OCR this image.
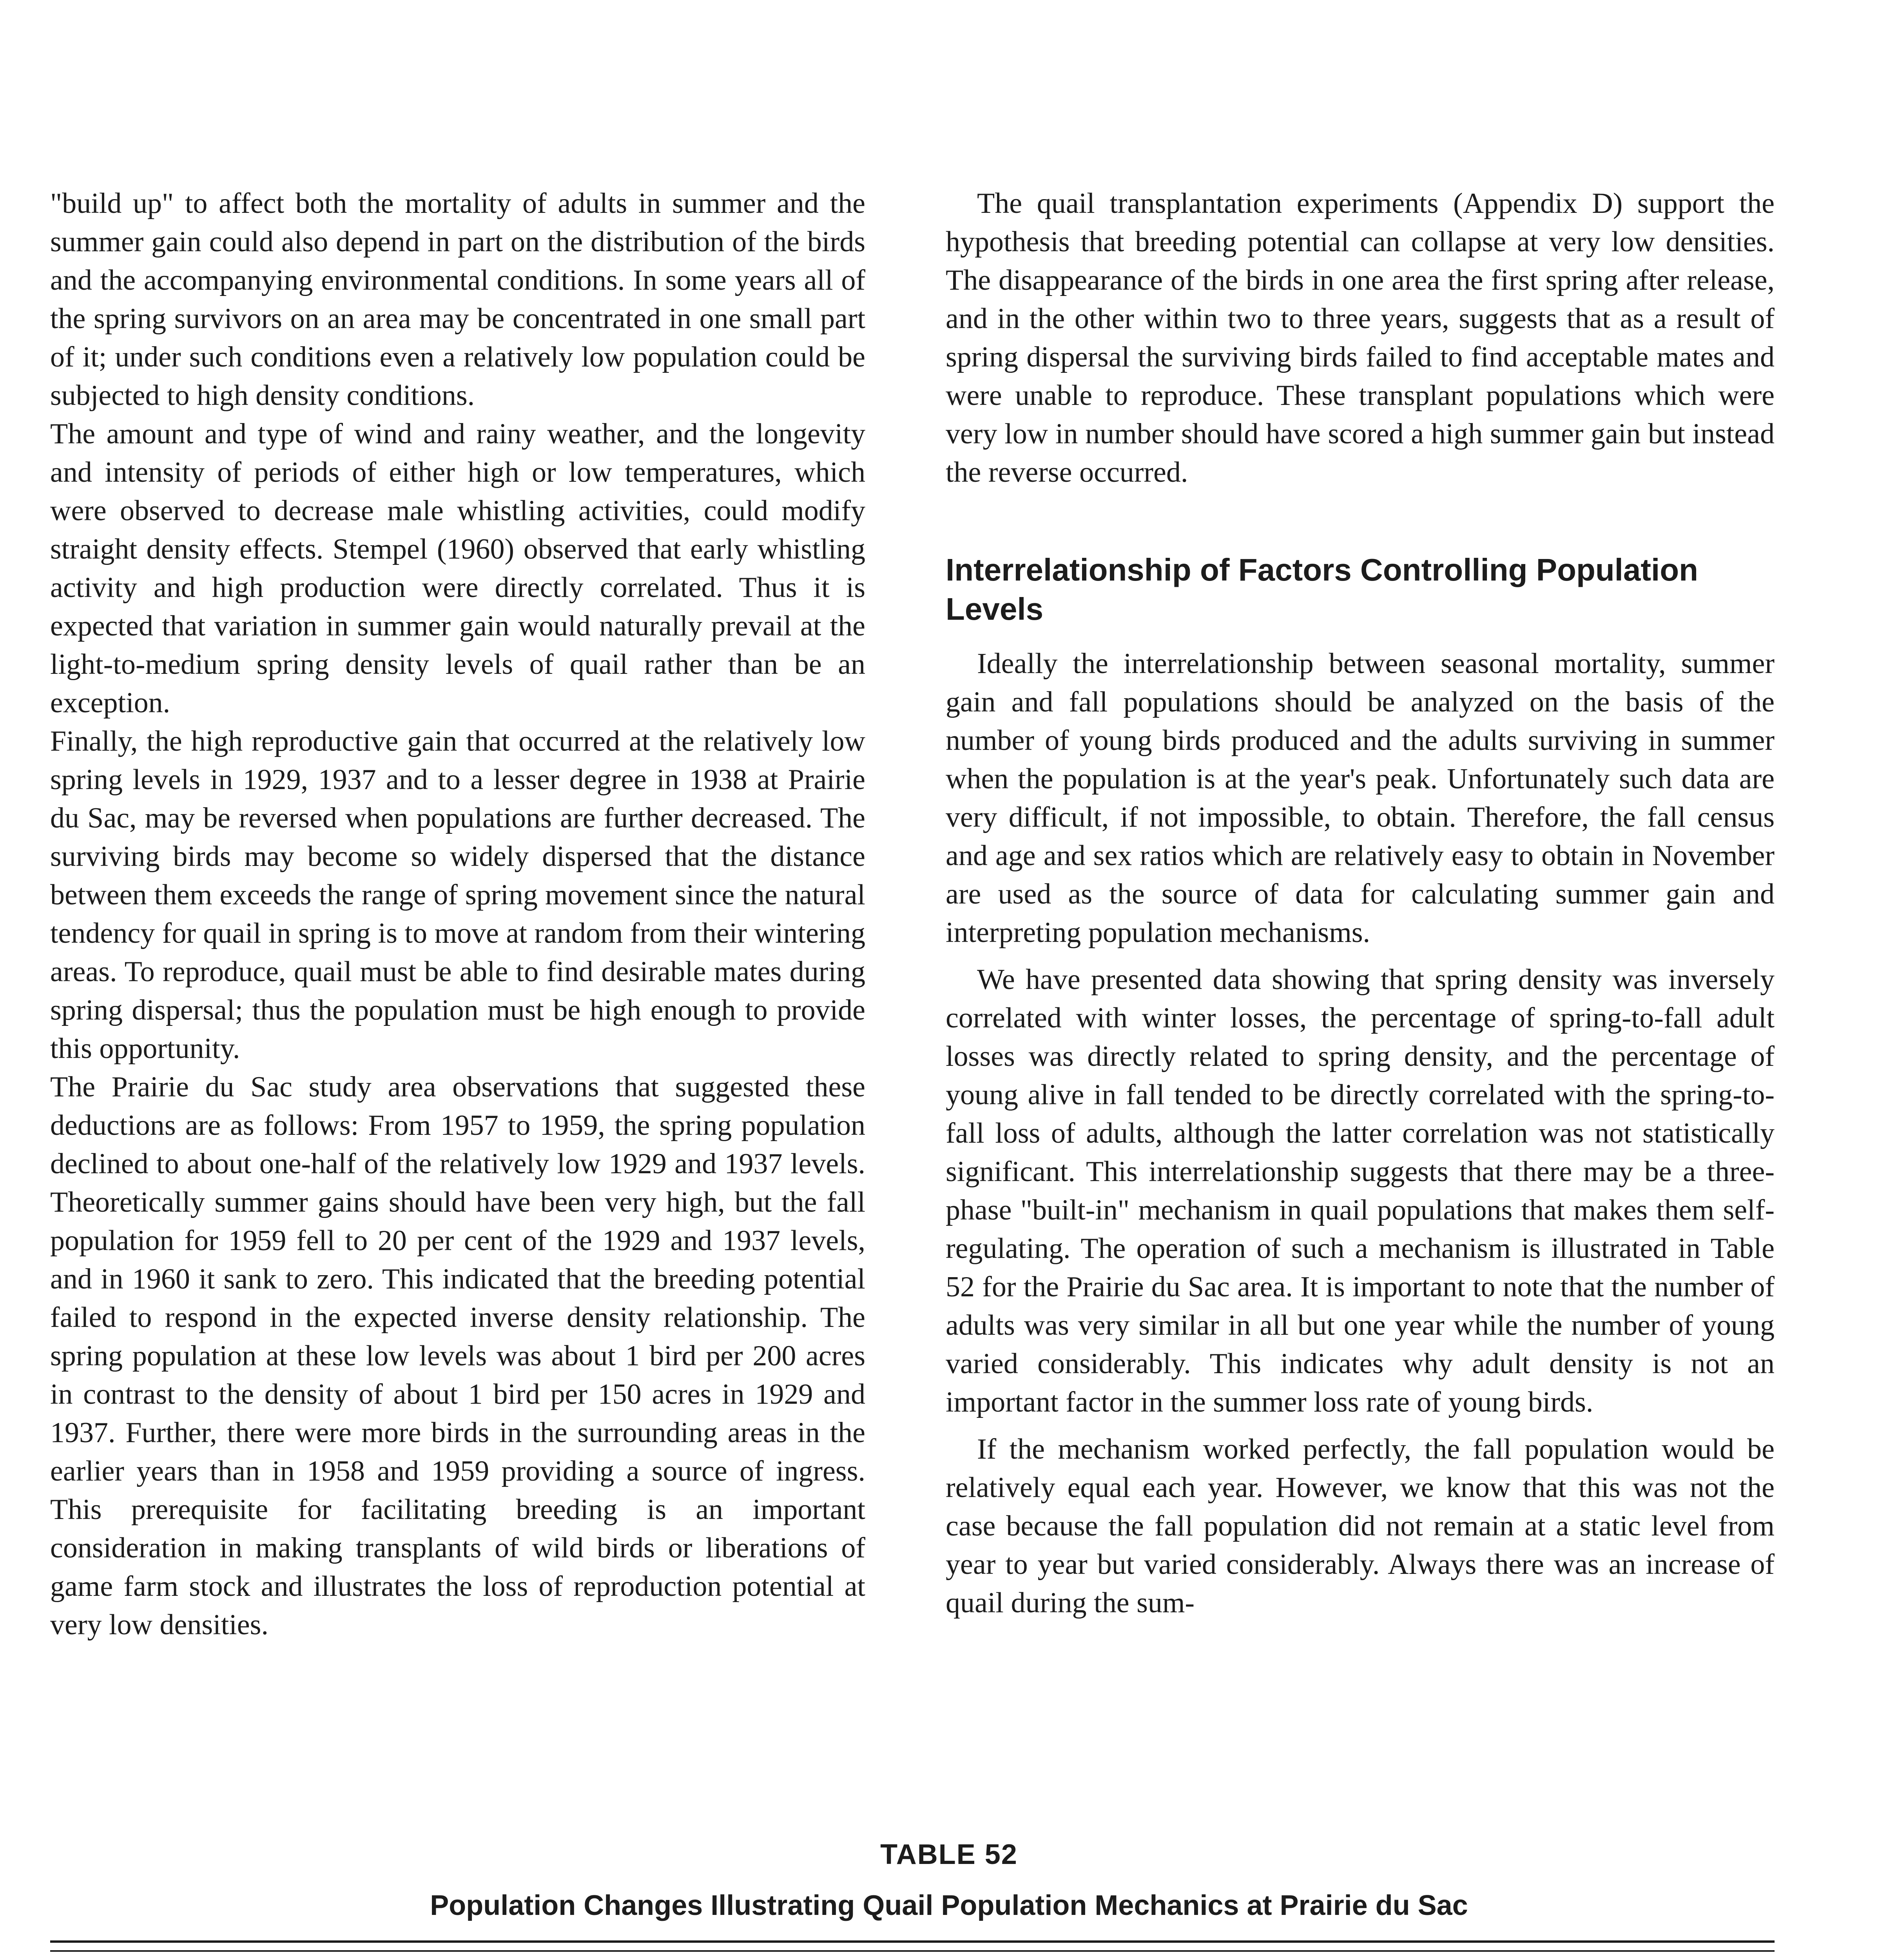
"build up" to affect both the mortality of adults in summer and the summer gain could also depend in part on the distribution of the birds and the accompanying environmental conditions. In some years all of the spring survivors on an area may be concentrated in one small part of it; under such conditions even a relatively low population could be subjected to high density conditions.

The amount and type of wind and rainy weather, and the longevity and intensity of periods of either high or low temperatures, which were observed to decrease male whistling activities, could modify straight density effects. Stempel (1960) observed that early whistling activity and high production were directly correlated. Thus it is expected that variation in summer gain would naturally prevail at the light-to-medium spring density levels of quail rather than be an exception.

Finally, the high reproductive gain that occurred at the relatively low spring levels in 1929, 1937 and to a lesser degree in 1938 at Prairie du Sac, may be reversed when populations are further decreased. The surviving birds may become so widely dispersed that the distance between them exceeds the range of spring movement since the natural tendency for quail in spring is to move at random from their wintering areas. To reproduce, quail must be able to find desirable mates during spring dispersal; thus the population must be high enough to provide this opportunity.

The Prairie du Sac study area observations that suggested these deductions are as follows: From 1957 to 1959, the spring population declined to about one-half of the relatively low 1929 and 1937 levels. Theoretically summer gains should have been very high, but the fall population for 1959 fell to 20 per cent of the 1929 and 1937 levels, and in 1960 it sank to zero. This indicated that the breeding potential failed to respond in the expected inverse density relationship. The spring population at these low levels was about 1 bird per 200 acres in contrast to the density of about 1 bird per 150 acres in 1929 and 1937. Further, there were more birds in the surrounding areas in the earlier years than in 1958 and 1959 providing a source of ingress. This prerequisite for facilitating breeding is an important consideration in making transplants of wild birds or liberations of game farm stock and illustrates the loss of reproduction potential at very low densities.

The quail transplantation experiments (Appendix D) support the hypothesis that breeding potential can collapse at very low densities. The disappearance of the birds in one area the first spring after release, and in the other within two to three years, suggests that as a result of spring dispersal the surviving birds failed to find acceptable mates and were unable to reproduce. These transplant populations which were very low in number should have scored a high summer gain but instead the reverse occurred.

Interrelationship of Factors Controlling Population Levels

Ideally the interrelationship between seasonal mortality, summer gain and fall populations should be analyzed on the basis of the number of young birds produced and the adults surviving in summer when the population is at the year's peak. Unfortunately such data are very difficult, if not impossible, to obtain. Therefore, the fall census and age and sex ratios which are relatively easy to obtain in November are used as the source of data for calculating summer gain and interpreting population mechanisms.

We have presented data showing that spring density was inversely correlated with winter losses, the percentage of spring-to-fall adult losses was directly related to spring density, and the percentage of young alive in fall tended to be directly correlated with the spring-to-fall loss of adults, although the latter correlation was not statistically significant. This interrelationship suggests that there may be a three-phase "built-in" mechanism in quail populations that makes them self-regulating. The operation of such a mechanism is illustrated in Table 52 for the Prairie du Sac area. It is important to note that the number of adults was very similar in all but one year while the number of young varied considerably. This indicates why adult density is not an important factor in the summer loss rate of young birds.

If the mechanism worked perfectly, the fall population would be relatively equal each year. However, we know that this was not the case because the fall population did not remain at a static level from year to year but varied considerably. Always there was an increase of quail during the sum-

TABLE 52
Population Changes Illustrating Quail Population Mechanics at Prairie du Sac
